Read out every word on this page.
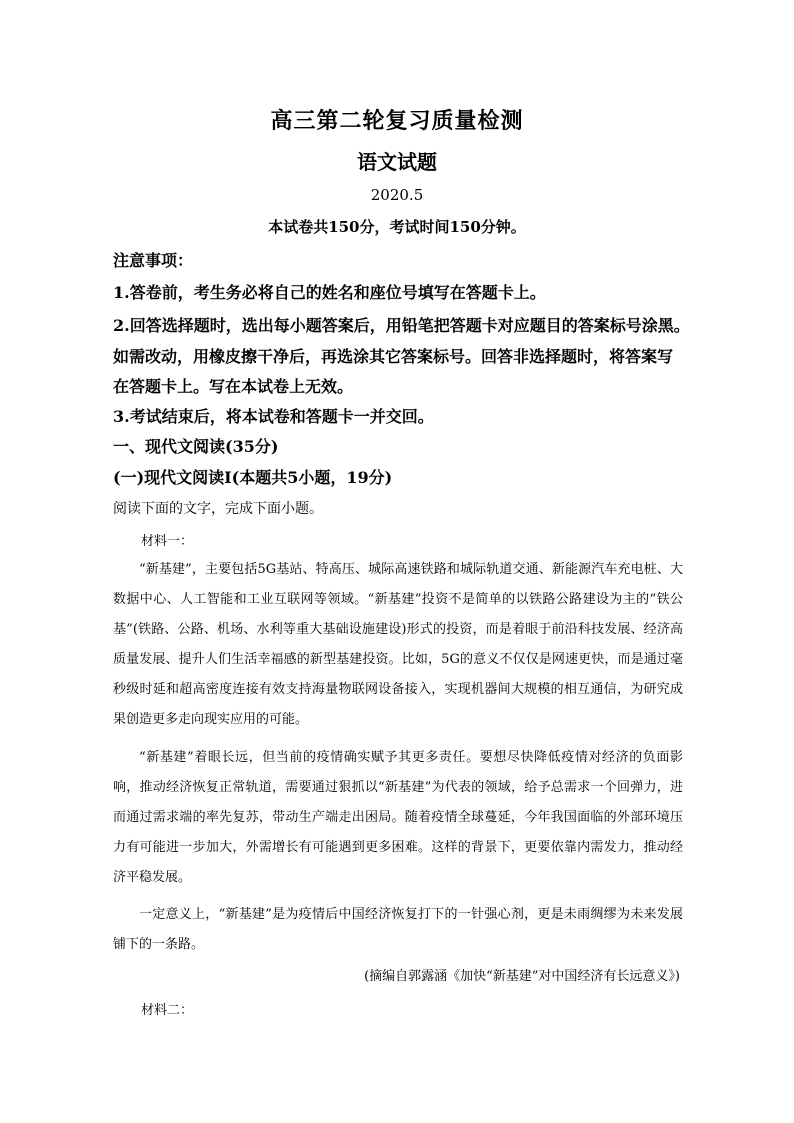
高三第二轮复习质量检测
语文试题
2020.5
本试卷共150分，考试时间150分钟。
注意事项：
1.答卷前，考生务必将自己的姓名和座位号填写在答题卡上。
2.回答选择题时，选出每小题答案后，用铅笔把答题卡对应题目的答案标号涂黑。
如需改动，用橡皮擦干净后，再选涂其它答案标号。回答非选择题时，将答案写
在答题卡上。写在本试卷上无效。
3.考试结束后，将本试卷和答题卡一并交回。
一、现代文阅读(35分)
(一)现代文阅读Ⅰ(本题共5小题，19分)
阅读下面的文字，完成下面小题。
材料一：
“新基建”，主要包括5G基站、特高压、城际高速铁路和城际轨道交通、新能源汽车充电桩、大数据中心、人工智能和工业互联网等领域。“新基建”投资不是简单的以铁路公路建设为主的“铁公基”(铁路、公路、机场、水利等重大基础设施建设)形式的投资，而是着眼于前沿科技发展、经济高质量发展、提升人们生活幸福感的新型基建投资。比如，5G的意义不仅仅是网速更快，而是通过毫秒级时延和超高密度连接有效支持海量物联网设备接入，实现机器间大规模的相互通信，为研究成果创造更多走向现实应用的可能。
“新基建”着眼长远，但当前的疫情确实赋予其更多责任。要想尽快降低疫情对经济的负面影响，推动经济恢复正常轨道，需要通过狠抓以“新基建”为代表的领域，给予总需求一个回弹力，进而通过需求端的率先复苏，带动生产端走出困局。随着疫情全球蔓延，今年我国面临的外部环境压力有可能进一步加大，外需增长有可能遇到更多困难。这样的背景下，更要依靠内需发力，推动经济平稳发展。
一定意义上，“新基建”是为疫情后中国经济恢复打下的一针强心剂，更是未雨绸缪为未来发展铺下的一条路。
(摘编自郭露涵《加快“新基建”对中国经济有长远意义》)
材料二：
